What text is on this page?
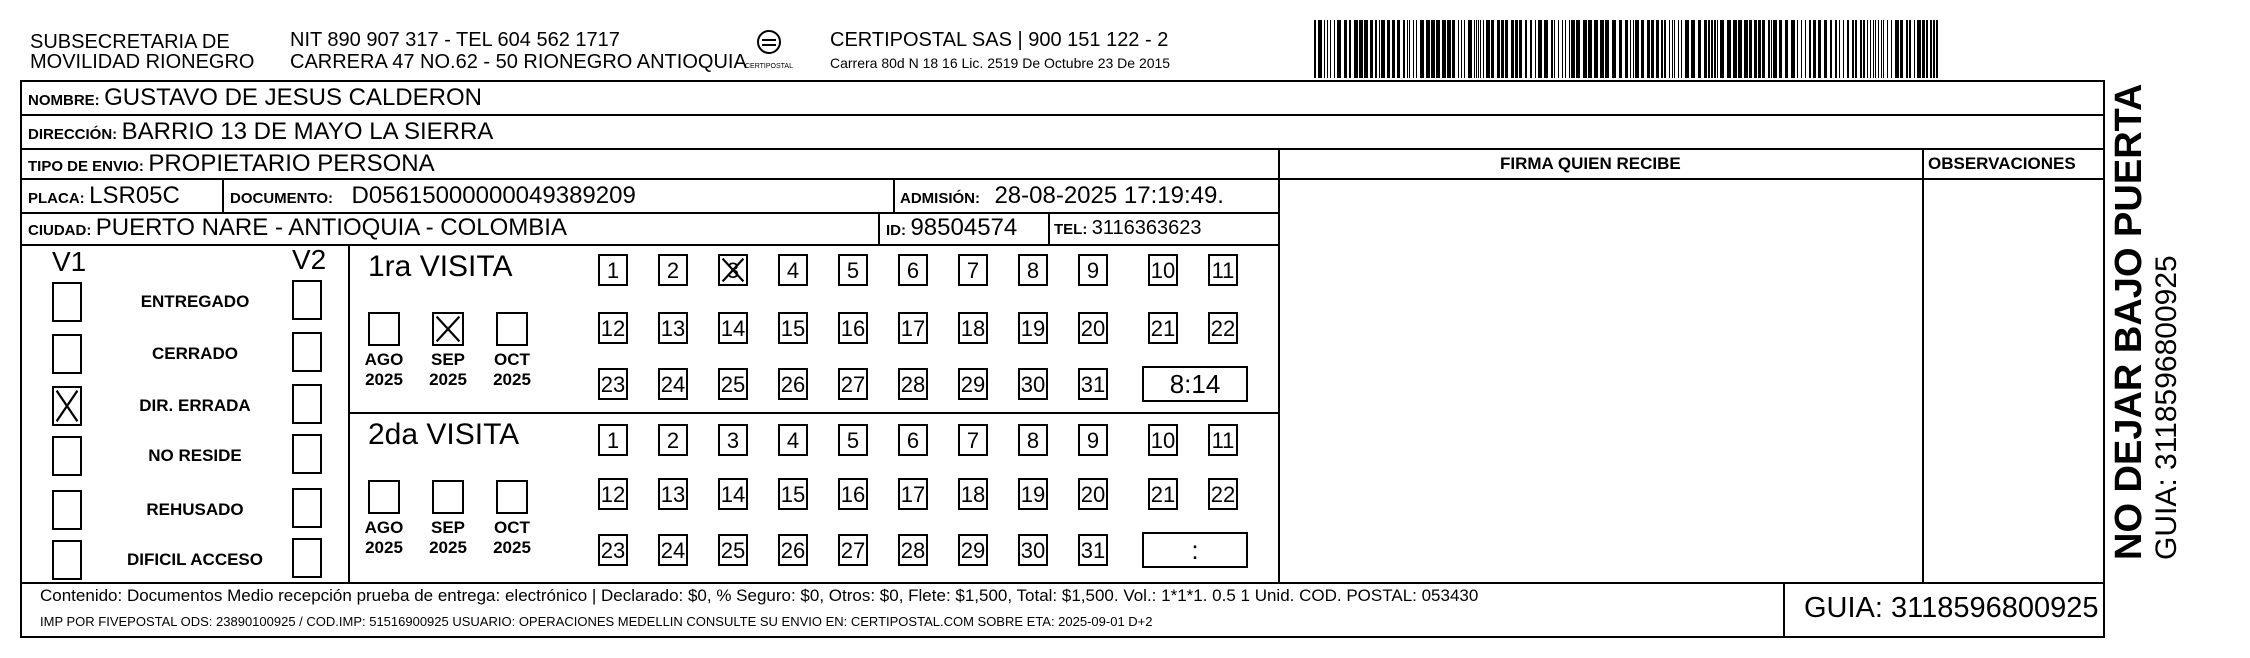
SUBSECRETARIA DE
MOVILIDAD RIONEGRO
NIT 890 907 317 - TEL 604 562 1717
CARRERA 47 NO.62 - 50 RIONEGRO ANTIOQUIA
CERTIPOSTAL
CERTIPOSTAL SAS | 900 151 122 - 2
Carrera 80d N 18 16 Lic. 2519 De Octubre 23 De 2015
NOMBRE: GUSTAVO DE JESUS CALDERON
DIRECCIÓN: BARRIO 13 DE MAYO LA SIERRA
TIPO DE ENVIO: PROPIETARIO PERSONA	FIRMA QUIEN RECIBE	OBSERVACIONES
PLACA: LSR05C	DOCUMENTO: D05615000000049389209	ADMISIÓN: 28-08-2025 17:19:49.
CIUDAD: PUERTO NARE - ANTIOQUIA - COLOMBIA	ID: 98504574 TEL: 3116363623
V1	V2
ENTREGADO
CERRADO
DIR. ERRADA
NO RESIDE
REHUSADO
DIFICIL ACCESO
1ra VISITA
2da VISITA
AGO
2025
SEP
2025
OCT
2025
1	2	3	4	5	6	7	8	9	10 11
12 13 14 15 16 17 18 19 20 21 22
23 24 25 26 27 28 29 30 31	8:14
AGO
2025
SEP
2025
OCT
2025
1	2	3	4	5	6	7	8	9	10 11
12 13 14 15 16 17 18 19 20 21 22
23 24 25 26 27 28 29 30 31	:
Contenido: Documentos Medio recepción prueba de entrega: electrónico | Declarado: $0, % Seguro: $0, Otros: $0, Flete: $1,500, Total: $1,500. Vol.: 1*1*1. 0.5 1 Unid. COD. POSTAL: 053430
IMP POR FIVEPOSTAL ODS: 23890100925 / COD.IMP: 51516900925 USUARIO: OPERACIONES MEDELLIN CONSULTE SU ENVIO EN: CERTIPOSTAL.COM SOBRE ETA: 2025-09-01 D+2	GUIA: 3118596800925
NO DEJAR BAJO PUERTA GUIA: 3118596800925
